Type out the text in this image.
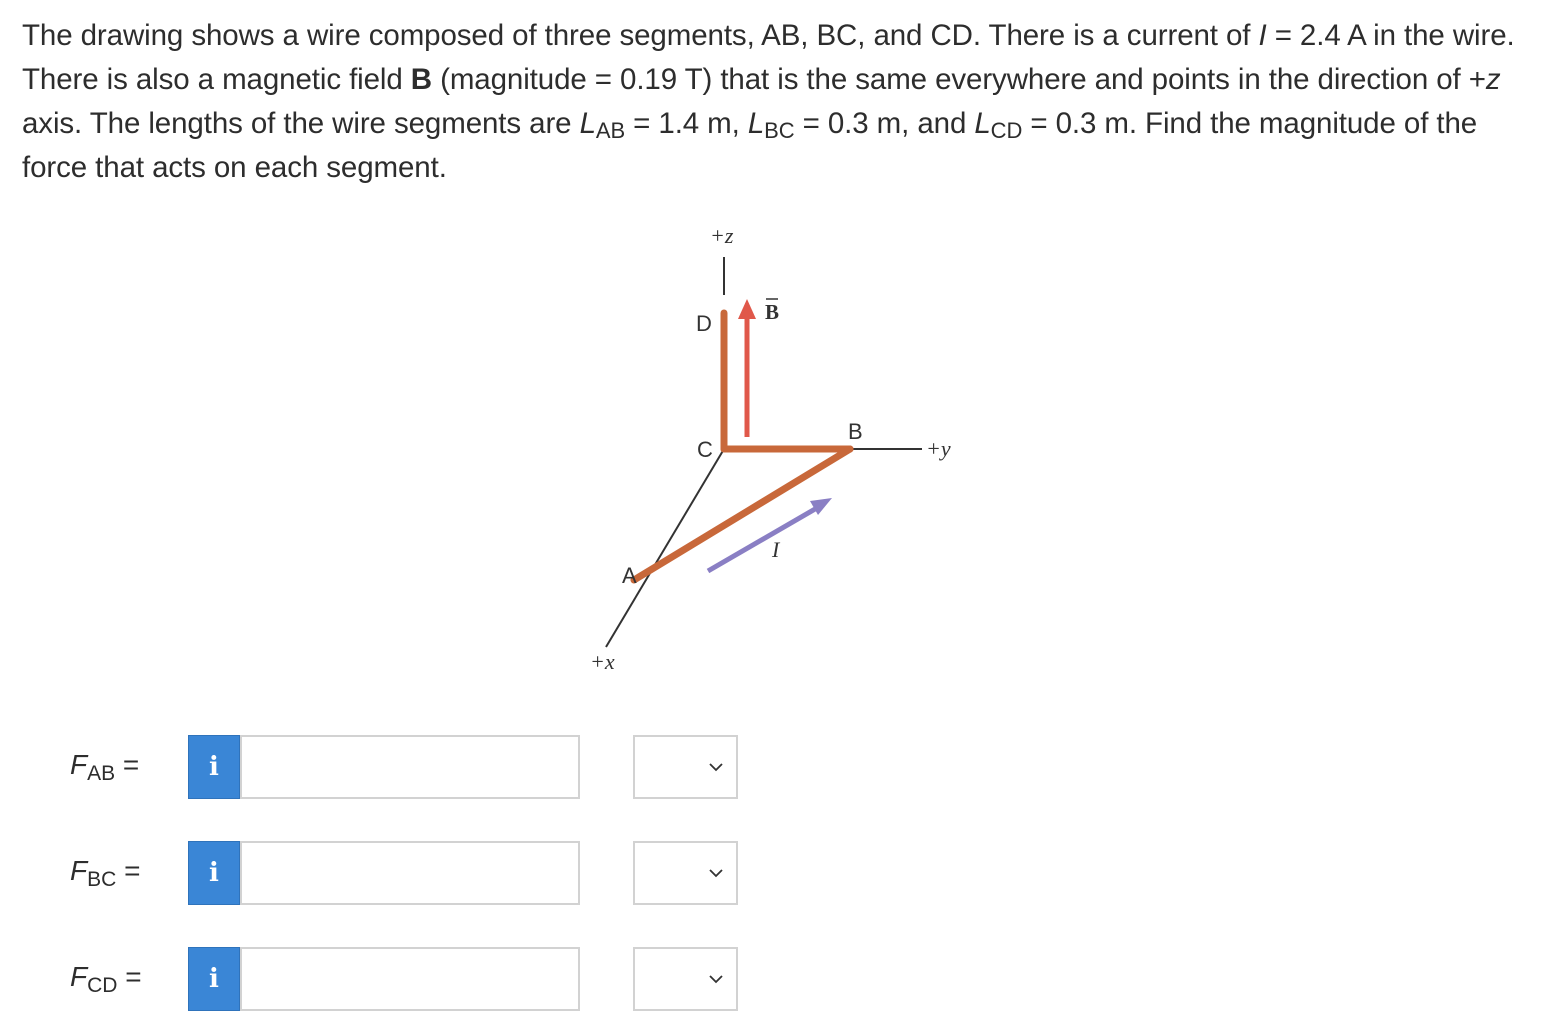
The drawing shows a wire composed of three segments, AB, BC, and CD. There is a current of I = 2.4 A in the wire. There is also a magnetic field B (magnitude = 0.19 T) that is the same everywhere and points in the direction of +z axis. The lengths of the wire segments are $L_{AB} = 1.4$ m, $L_{BC} = 0.3$ m, and $L_{CD} = 0.3$ m. Find the magnitude of the force that acts on each segment.
+z
+y
+x
D
C
B
A
B
I
$F_{AB}$ =	i
$F_{BC}$ =	i
$F_{CD}$ =	i
